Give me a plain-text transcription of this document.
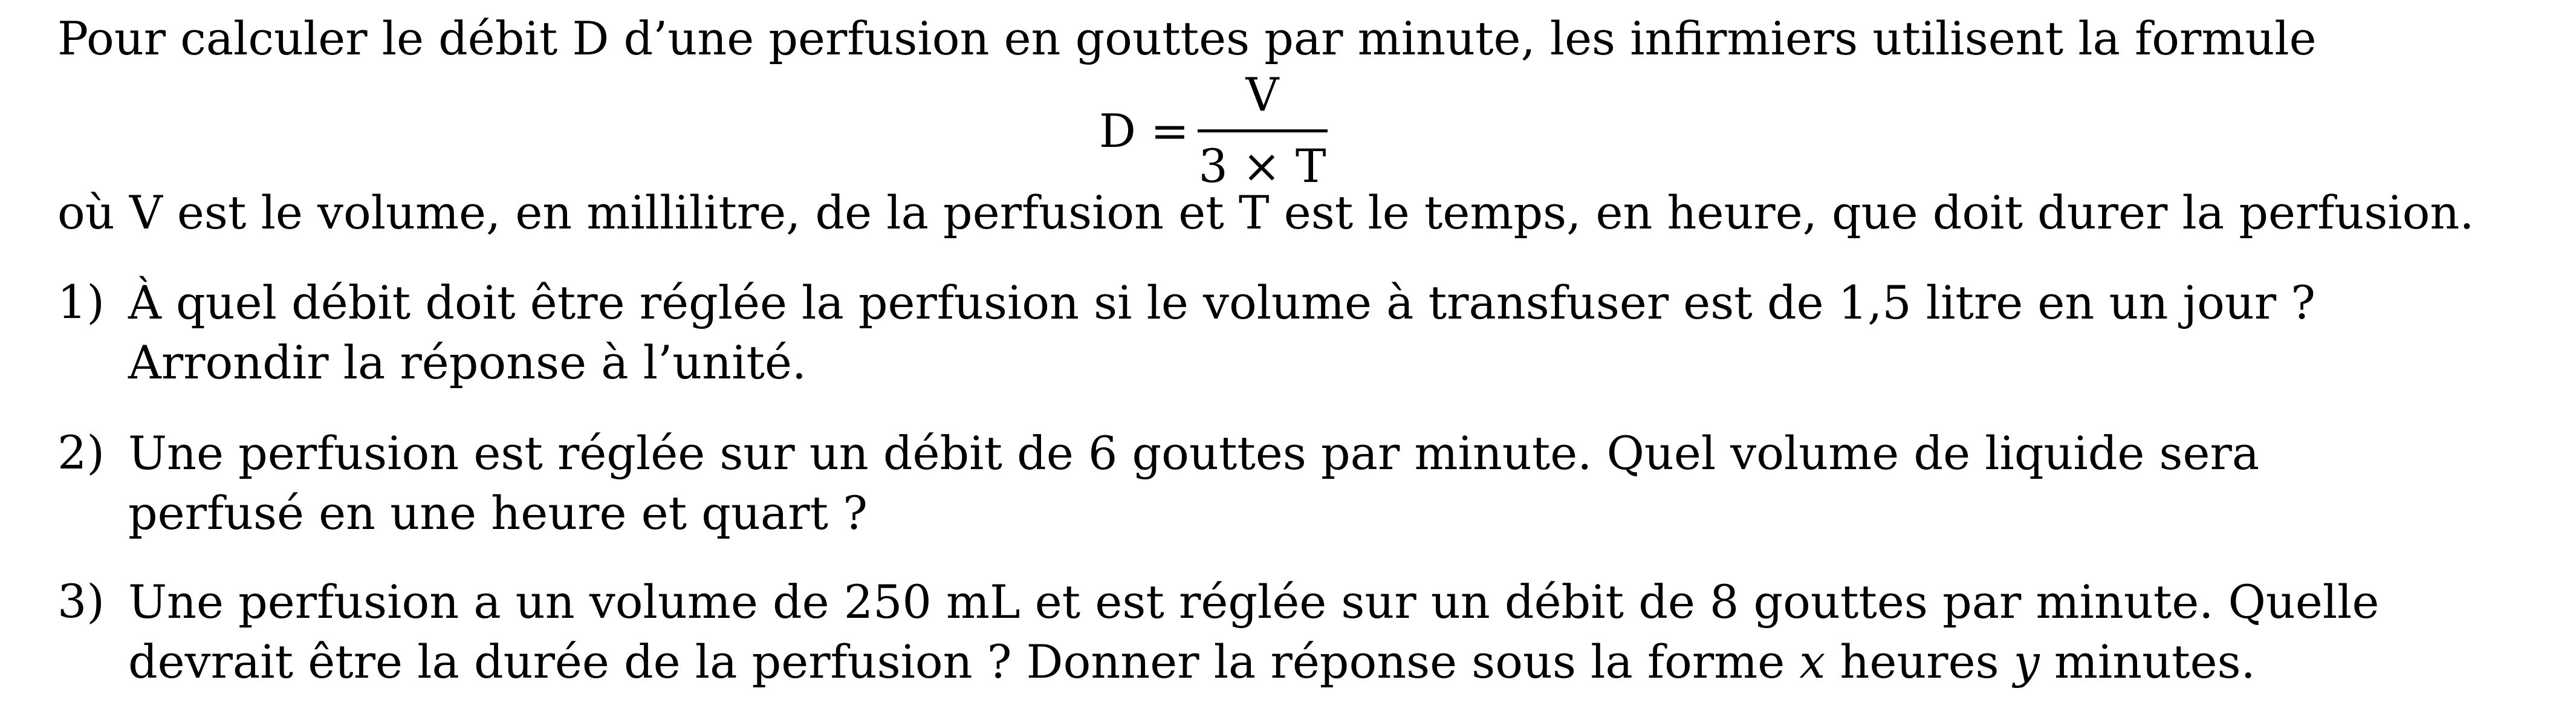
Pour calculer le débit D d’une perfusion en gouttes par minute, les infirmiers utilisent la formule
D =
V
3 × T
où V est le volume, en millilitre, de la perfusion et T est le temps, en heure, que doit durer la perfusion.
1) À quel débit doit être réglée la perfusion si le volume à transfuser est de 1,5 litre en un jour ? Arrondir la réponse à l’unité.
2) Une perfusion est réglée sur un débit de 6 gouttes par minute. Quel volume de liquide sera perfusé en une heure et quart ?
3) Une perfusion a un volume de 250 mL et est réglée sur un débit de 8 gouttes par minute. Quelle devrait être la durée de la perfusion ? Donner la réponse sous la forme x heures y minutes.
